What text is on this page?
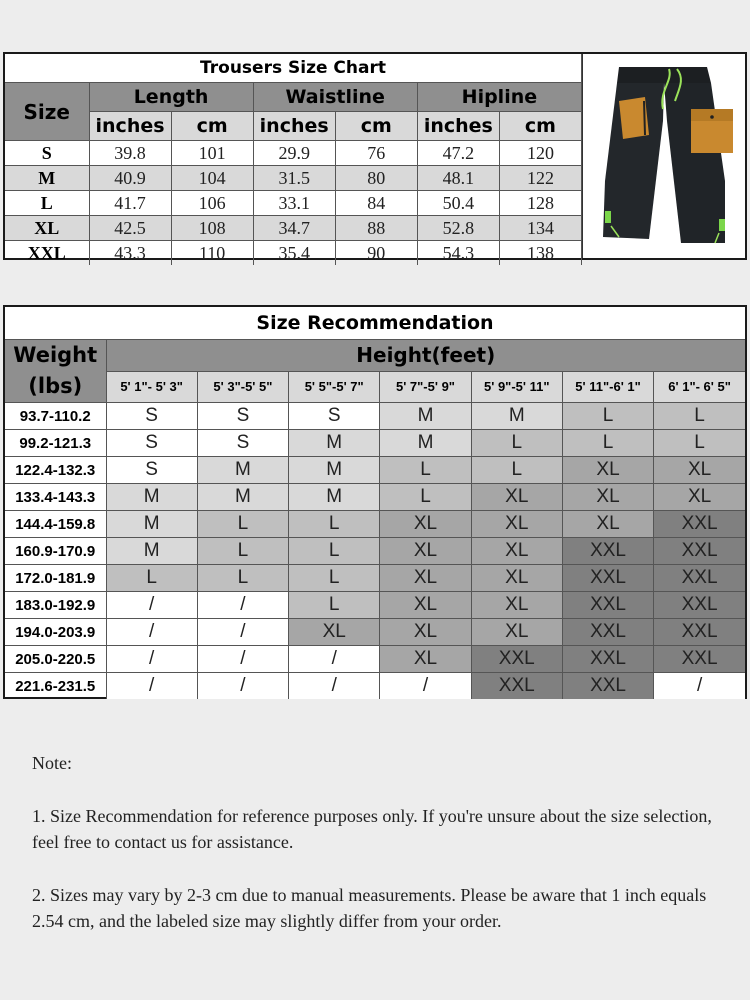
Trousers Size Chart						
Size	Length		Waistline		Hipline	
	inches	cm	inches	cm	inches	cm
S	39.8	101	29.9	76	47.2	120
M	40.9	104	31.5	80	48.1	122
L	41.7	106	33.1	84	50.4	128
XL	42.5	108	34.7	88	52.8	134
XXL	43.3	110	35.4	90	54.3	138
Size Recommendation							

Weight
(lbs)	Height(feet)						
	5' 1"- 5' 3"	5' 3"-5' 5"	5' 5"-5' 7"	5' 7"-5' 9"	5' 9"-5' 11"	5' 11"-6' 1"	6' 1"- 6' 5"
93.7-110.2	S	S	S	M	M	L	L
99.2-121.3	S	S	M	M	L	L	L
122.4-132.3	S	M	M	L	L	XL	XL
133.4-143.3	M	M	M	L	XL	XL	XL
144.4-159.8	M	L	L	XL	XL	XL	XXL
160.9-170.9	M	L	L	XL	XL	XXL	XXL
172.0-181.9	L	L	L	XL	XL	XXL	XXL
183.0-192.9	/	/	L	XL	XL	XXL	XXL
194.0-203.9	/	/	XL	XL	XL	XXL	XXL
205.0-220.5	/	/	/	XL	XXL	XXL	XXL
221.6-231.5	/	/	/	/	XXL	XXL	/

Note:

1. Size Recommendation for reference purposes only. If you're unsure about the size selection, feel free to contact us for assistance.

2. Sizes may vary by 2-3 cm due to manual measurements. Please be aware that 1 inch equals 2.54 cm, and the labeled size may slightly differ from your order.
